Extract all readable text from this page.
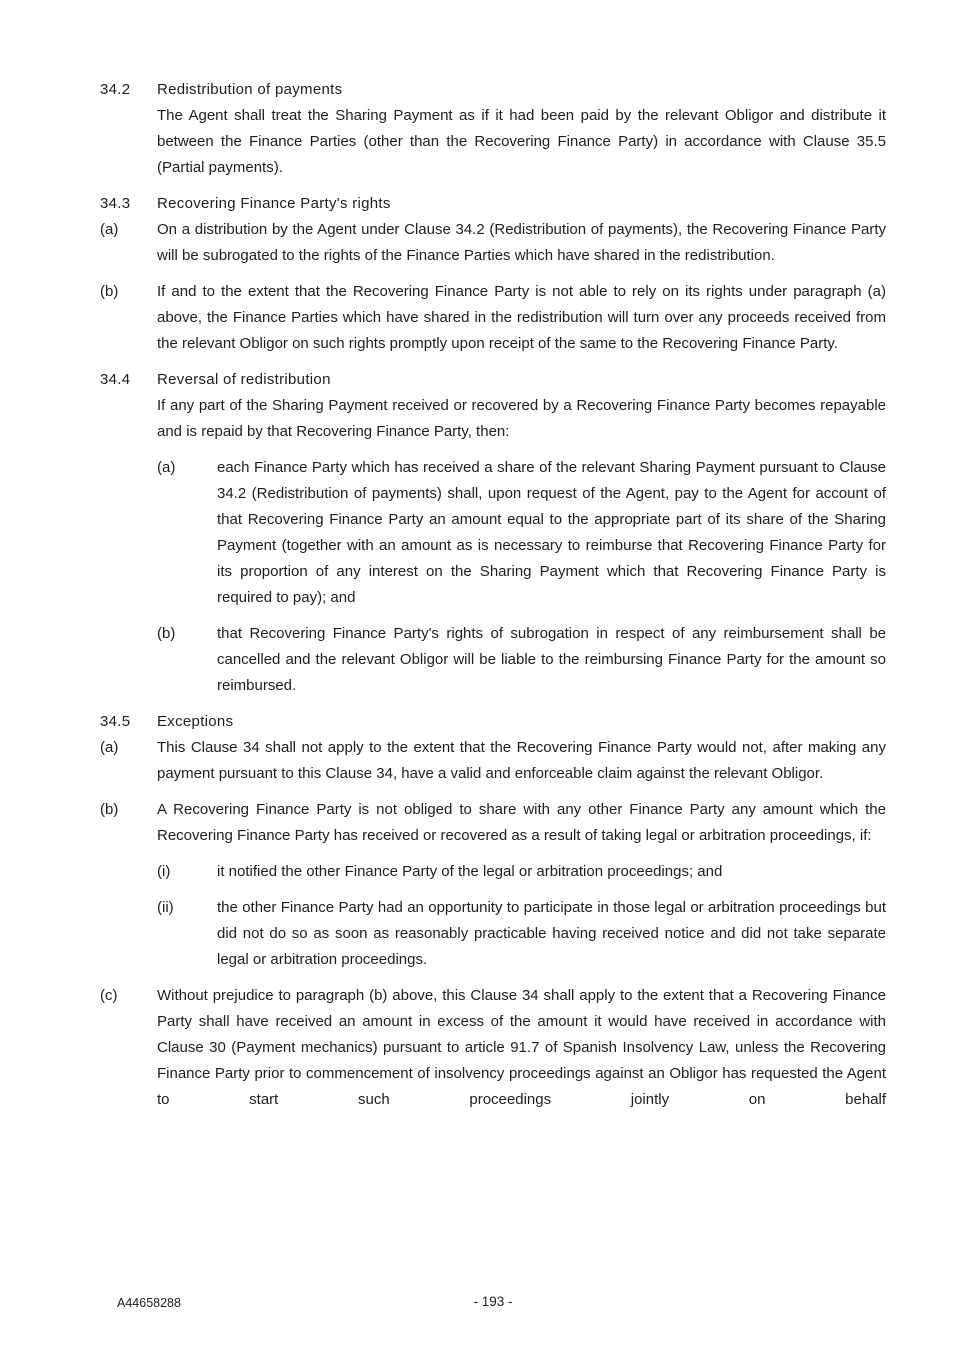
34.2	Redistribution of payments
The Agent shall treat the Sharing Payment as if it had been paid by the relevant Obligor and distribute it between the Finance Parties (other than the Recovering Finance Party) in accordance with Clause 35.5 (Partial payments).
34.3	Recovering Finance Party's rights
(a)	On a distribution by the Agent under Clause 34.2 (Redistribution of payments), the Recovering Finance Party will be subrogated to the rights of the Finance Parties which have shared in the redistribution.
(b)	If and to the extent that the Recovering Finance Party is not able to rely on its rights under paragraph (a) above, the Finance Parties which have shared in the redistribution will turn over any proceeds received from the relevant Obligor on such rights promptly upon receipt of the same to the Recovering Finance Party.
34.4	Reversal of redistribution
If any part of the Sharing Payment received or recovered by a Recovering Finance Party becomes repayable and is repaid by that Recovering Finance Party, then:
(a)	each Finance Party which has received a share of the relevant Sharing Payment pursuant to Clause 34.2 (Redistribution of payments) shall, upon request of the Agent, pay to the Agent for account of that Recovering Finance Party an amount equal to the appropriate part of its share of the Sharing Payment (together with an amount as is necessary to reimburse that Recovering Finance Party for its proportion of any interest on the Sharing Payment which that Recovering Finance Party is required to pay); and
(b)	that Recovering Finance Party's rights of subrogation in respect of any reimbursement shall be cancelled and the relevant Obligor will be liable to the reimbursing Finance Party for the amount so reimbursed.
34.5	Exceptions
(a)	This Clause 34 shall not apply to the extent that the Recovering Finance Party would not, after making any payment pursuant to this Clause 34, have a valid and enforceable claim against the relevant Obligor.
(b)	A Recovering Finance Party is not obliged to share with any other Finance Party any amount which the Recovering Finance Party has received or recovered as a result of taking legal or arbitration proceedings, if:
(i)	it notified the other Finance Party of the legal or arbitration proceedings; and
(ii)	the other Finance Party had an opportunity to participate in those legal or arbitration proceedings but did not do so as soon as reasonably practicable having received notice and did not take separate legal or arbitration proceedings.
(c)	Without prejudice to paragraph (b) above, this Clause 34 shall apply to the extent that a Recovering Finance Party shall have received an amount in excess of the amount it would have received in accordance with Clause 30 (Payment mechanics) pursuant to article 91.7 of Spanish Insolvency Law, unless the Recovering Finance Party prior to commencement of insolvency proceedings against an Obligor has requested the Agent to start such proceedings jointly on behalf
A44658288	- 193 -
